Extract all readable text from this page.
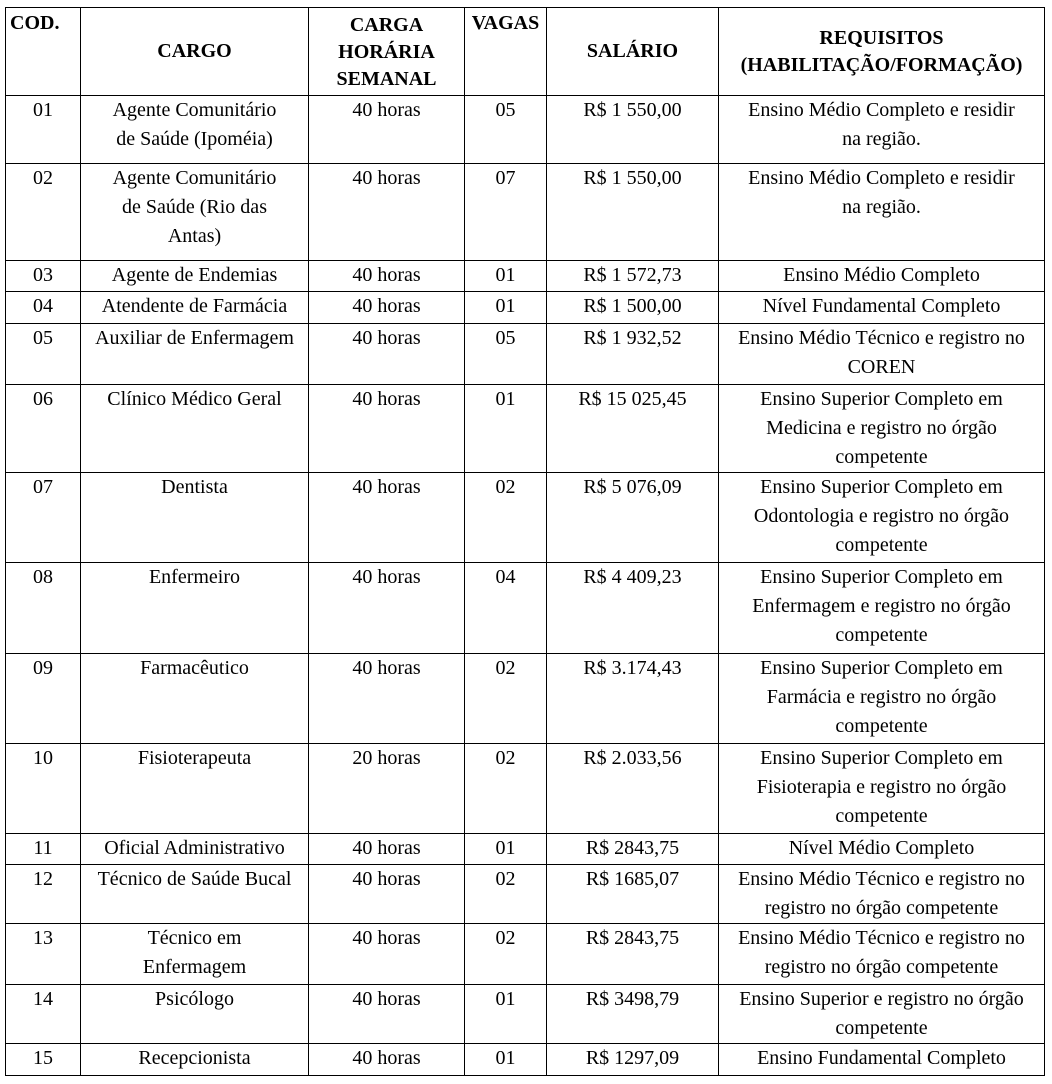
COD.	CARGO	CARGA
HORÁRIA
SEMANAL	VAGAS	SALÁRIO	REQUISITOS
(HABILITAÇÃO/FORMAÇÃO)

01	Agente Comunitário
de Saúde (Ipoméia)	40 horas	05	R$ 1 550,00	Ensino Médio Completo e residir
na região.

02	Agente Comunitário
de Saúde (Rio das
Antas)	40 horas	07	R$ 1 550,00	Ensino Médio Completo e residir
na região.

03	Agente de Endemias	40 horas	01	R$ 1 572,73	Ensino Médio Completo

04	Atendente de Farmácia	40 horas	01	R$ 1 500,00	Nível Fundamental Completo

05	Auxiliar de Enfermagem	40 horas	05	R$ 1 932,52	Ensino Médio Técnico e registro no
COREN

06	Clínico Médico Geral	40 horas	01	R$ 15 025,45	Ensino Superior Completo em
Medicina e registro no órgão
competente

07	Dentista	40 horas	02	R$ 5 076,09	Ensino Superior Completo em
Odontologia e registro no órgão
competente

08	Enfermeiro	40 horas	04	R$ 4 409,23	Ensino Superior Completo em
Enfermagem e registro no órgão
competente

09	Farmacêutico	40 horas	02	R$ 3.174,43	Ensino Superior Completo em
Farmácia e registro no órgão
competente

10	Fisioterapeuta	20 horas	02	R$ 2.033,56	Ensino Superior Completo em
Fisioterapia e registro no órgão
competente

11	Oficial Administrativo	40 horas	01	R$ 2843,75	Nível Médio Completo

12	Técnico de Saúde Bucal	40 horas	02	R$ 1685,07	Ensino Médio Técnico e registro no
registro no órgão competente

13	Técnico em
Enfermagem	40 horas	02	R$ 2843,75	Ensino Médio Técnico e registro no
registro no órgão competente

14	Psicólogo	40 horas	01	R$ 3498,79	Ensino Superior e registro no órgão
competente

15	Recepcionista	40 horas	01	R$ 1297,09	Ensino Fundamental Completo
